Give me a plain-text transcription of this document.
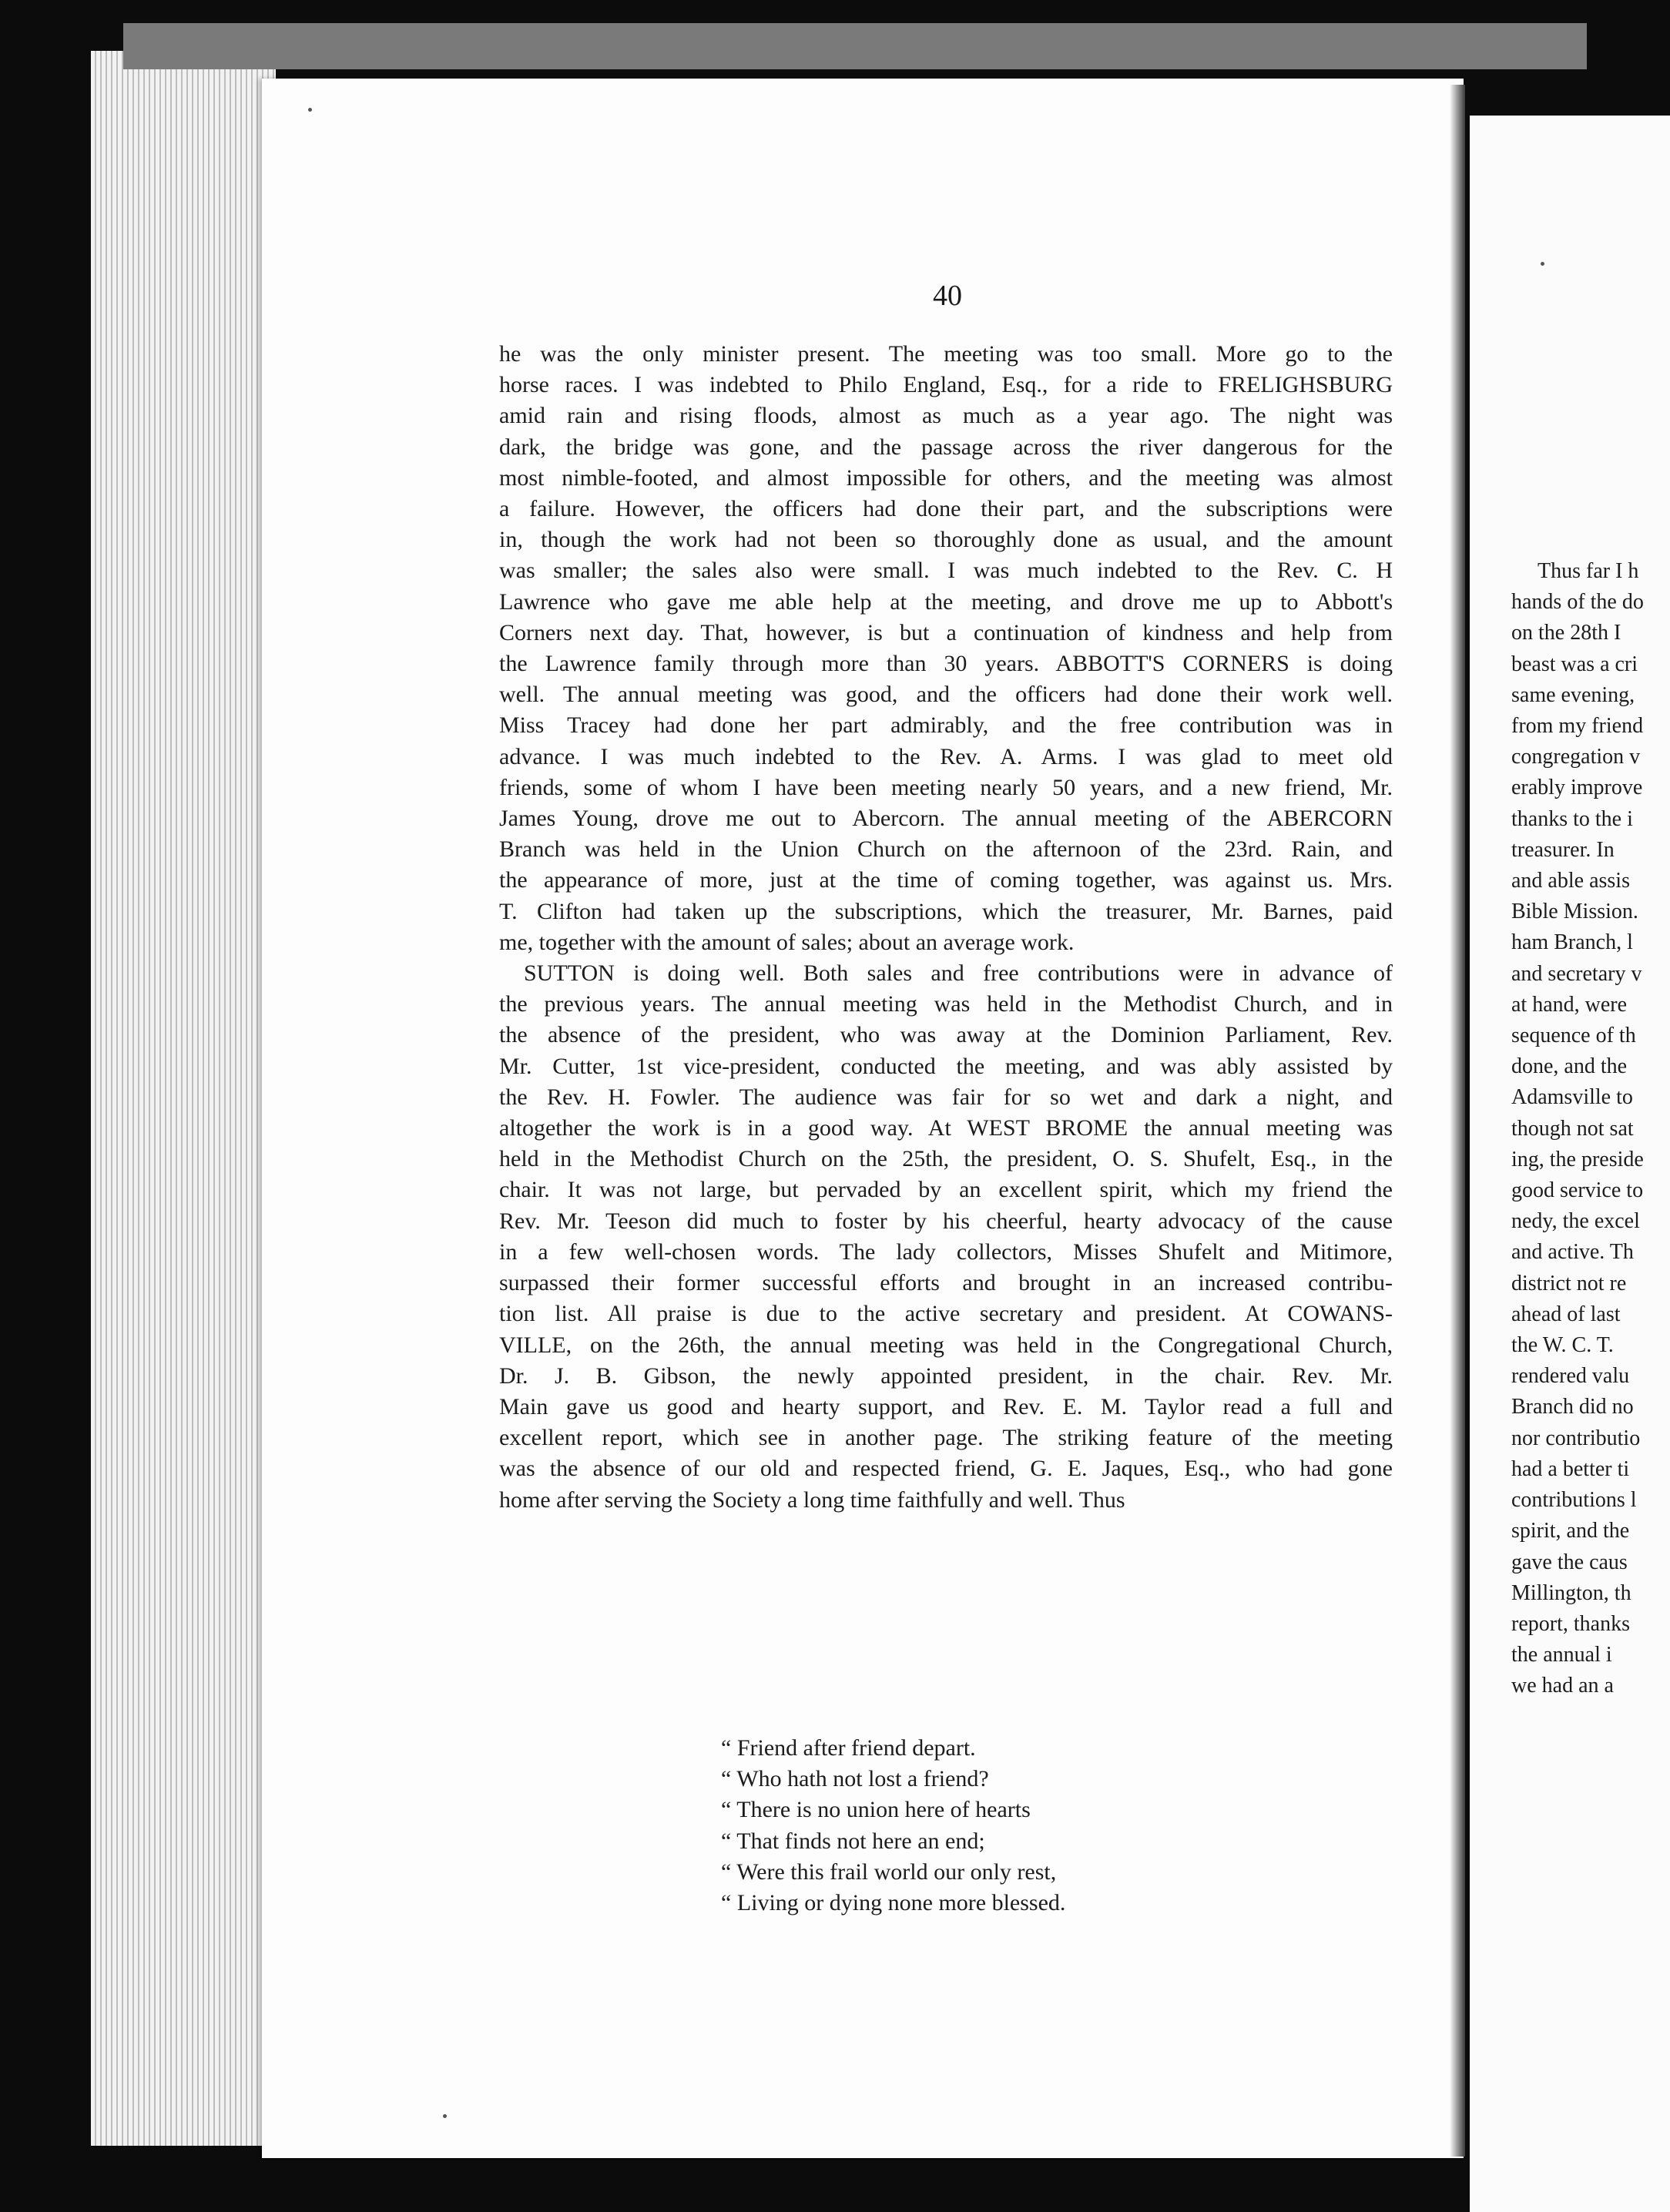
40
he was the only minister present. The meeting was too small. More go to the
horse races. I was indebted to Philo England, Esq., for a ride to FRELIGHSBURG
amid rain and rising floods, almost as much as a year ago. The night was
dark, the bridge was gone, and the passage across the river dangerous for the
most nimble-footed, and almost impossible for others, and the meeting was almost
a failure. However, the officers had done their part, and the subscriptions were
in, though the work had not been so thoroughly done as usual, and the amount
was smaller; the sales also were small. I was much indebted to the Rev. C. H
Lawrence who gave me able help at the meeting, and drove me up to Abbott's
Corners next day. That, however, is but a continuation of kindness and help from
the Lawrence family through more than 30 years. ABBOTT'S CORNERS is doing
well. The annual meeting was good, and the officers had done their work well.
Miss Tracey had done her part admirably, and the free contribution was in
advance. I was much indebted to the Rev. A. Arms. I was glad to meet old
friends, some of whom I have been meeting nearly 50 years, and a new friend, Mr.
James Young, drove me out to Abercorn. The annual meeting of the ABERCORN
Branch was held in the Union Church on the afternoon of the 23rd. Rain, and
the appearance of more, just at the time of coming together, was against us. Mrs.
T. Clifton had taken up the subscriptions, which the treasurer, Mr. Barnes, paid
me, together with the amount of sales; about an average work.
SUTTON is doing well. Both sales and free contributions were in advance of
the previous years. The annual meeting was held in the Methodist Church, and in
the absence of the president, who was away at the Dominion Parliament, Rev.
Mr. Cutter, 1st vice-president, conducted the meeting, and was ably assisted by
the Rev. H. Fowler. The audience was fair for so wet and dark a night, and
altogether the work is in a good way. At WEST BROME the annual meeting was
held in the Methodist Church on the 25th, the president, O. S. Shufelt, Esq., in the
chair. It was not large, but pervaded by an excellent spirit, which my friend the
Rev. Mr. Teeson did much to foster by his cheerful, hearty advocacy of the cause
in a few well-chosen words. The lady collectors, Misses Shufelt and Mitimore,
surpassed their former successful efforts and brought in an increased contribu-
tion list. All praise is due to the active secretary and president. At COWANS-
VILLE, on the 26th, the annual meeting was held in the Congregational Church,
Dr. J. B. Gibson, the newly appointed president, in the chair. Rev. Mr.
Main gave us good and hearty support, and Rev. E. M. Taylor read a full and
excellent report, which see in another page. The striking feature of the meeting
was the absence of our old and respected friend, G. E. Jaques, Esq., who had gone
home after serving the Society a long time faithfully and well. Thus
“ Friend after friend depart.
“ Who hath not lost a friend?
“ There is no union here of hearts
“ That finds not here an end;
“ Were this frail world our only rest,
“ Living or dying none more blessed.
Thus far I h
hands of the do
on the 28th I
beast was a cri
same evening,
from my friend
congregation v
erably improve
thanks to the i
treasurer. In
and able assis
Bible Mission.
ham Branch, l
and secretary v
at hand, were
sequence of th
done, and the
Adamsville to
though not sat
ing, the preside
good service to
nedy, the excel
and active. Th
district not re
ahead of last
the W. C. T.
rendered valu
Branch did no
nor contributio
had a better ti
contributions l
spirit, and the
gave the caus
Millington, th
report, thanks
the annual i
we had an a
